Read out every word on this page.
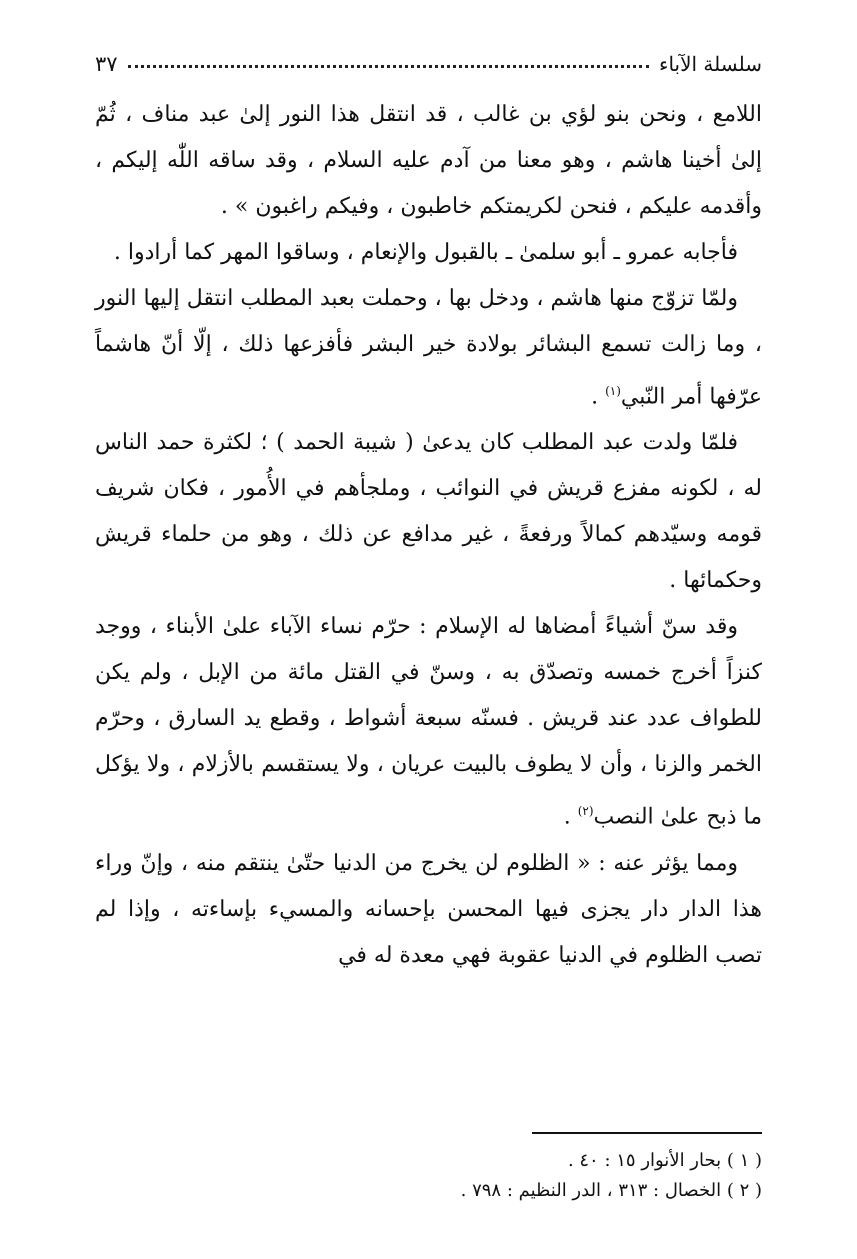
سلسلة الآباء
٣٧

اللامع ، ونحن بنو لؤي بن غالب ، قد انتقل هذا النور إلىٰ عبد مناف ، ثُمّ إلىٰ أخينا هاشم ، وهو معنا من آدم عليه السلام ، وقد ساقه اللّٰه إليكم ، وأقدمه عليكم ، فنحن لكريمتكم خاطبون ، وفيكم راغبون » .

فأجابه عمرو ـ أبو سلمىٰ ـ بالقبول والإنعام ، وساقوا المهر كما أرادوا .

ولمّا تزوّج منها هاشم ، ودخل بها ، وحملت بعبد المطلب انتقل إليها النور ، وما زالت تسمع البشائر بولادة خير البشر فأفزعها ذلك ، إلّا أنّ هاشماً عرّفها أمر النّبي$^{(١)}$ .

فلمّا ولدت عبد المطلب كان يدعىٰ ( شيبة الحمد ) ؛ لكثرة حمد الناس له ، لكونه مفزع قريش في النوائب ، وملجأهم في الأُمور ، فكان شريف قومه وسيّدهم كمالاً ورفعةً ، غير مدافع عن ذلك ، وهو من حلماء قريش وحكمائها .

وقد سنّ أشياءً أمضاها له الإسلام : حرّم نساء الآباء علىٰ الأبناء ، ووجد كنزاً أخرج خمسه وتصدّق به ، وسنّ في القتل مائة من الإبل ، ولم يكن للطواف عدد عند قريش . فسنّه سبعة أشواط ، وقطع يد السارق ، وحرّم الخمر والزنا ، وأن لا يطوف بالبيت عريان ، ولا يستقسم بالأزلام ، ولا يؤكل ما ذبح علىٰ النصب$^{(٢)}$ .

ومما يؤثر عنه : « الظلوم لن يخرج من الدنيا حتّىٰ ينتقم منه ، وإنّ وراء هذا الدار دار يجزى فيها المحسن بإحسانه والمسيء بإساءته ، وإذا لم تصب الظلوم في الدنيا عقوبة فهي معدة له في

( ١ ) بحار الأنوار ١٥ : ٤٠ .

( ٢ ) الخصال : ٣١٣ ، الدر النظيم : ٧٩٨ .
